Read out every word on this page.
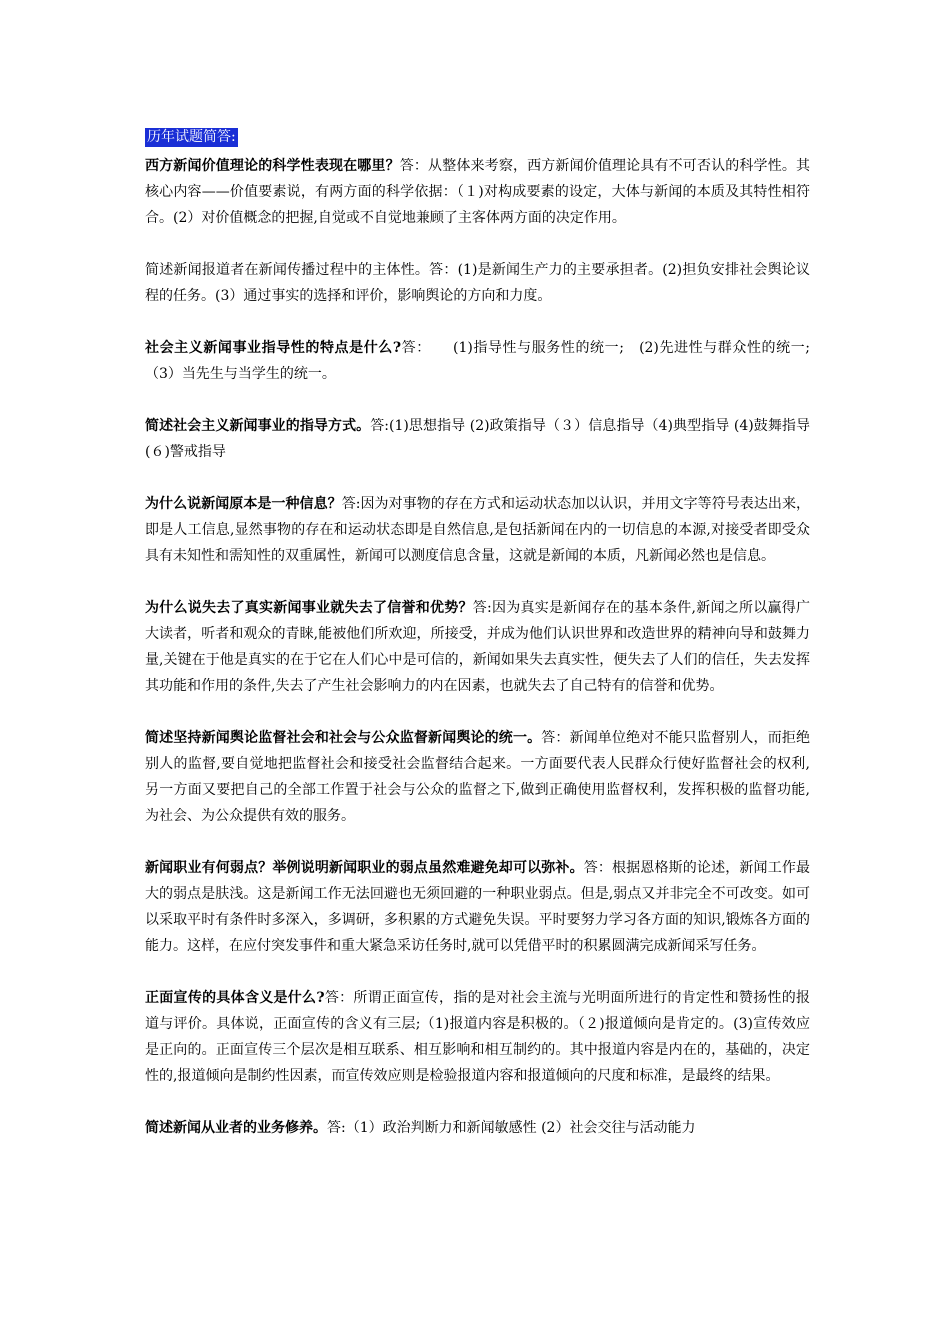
历年试题简答:

西方新闻价值理论的科学性表现在哪里？答：从整体来考察，西方新闻价值理论具有不可否认的科学性。其核心内容——价值要素说，有两方面的科学依据：（１)对构成要素的设定，大体与新闻的本质及其特性相符合。(2）对价值概念的把握,自觉或不自觉地兼顾了主客体两方面的决定作用。

简述新闻报道者在新闻传播过程中的主体性。答：(1)是新闻生产力的主要承担者。(2)担负安排社会舆论议程的任务。(3）通过事实的选择和评价，影响舆论的方向和力度。

社会主义新闻事业指导性的特点是什么?答：　　(1)指导性与服务性的统一;　(2)先进性与群众性的统一;（3）当先生与当学生的统一。

简述社会主义新闻事业的指导方式。答:(1)思想指导 (2)政策指导（３）信息指导（4)典型指导 (4)鼓舞指导(６)警戒指导

为什么说新闻原本是一种信息？答:因为对事物的存在方式和运动状态加以认识，并用文字等符号表达出来，即是人工信息,显然事物的存在和运动状态即是自然信息,是包括新闻在内的一切信息的本源,对接受者即受众具有未知性和需知性的双重属性，新闻可以测度信息含量，这就是新闻的本质，凡新闻必然也是信息。

为什么说失去了真实新闻事业就失去了信誉和优势？答:因为真实是新闻存在的基本条件,新闻之所以赢得广大读者，听者和观众的青睐,能被他们所欢迎，所接受，并成为他们认识世界和改造世界的精神向导和鼓舞力量,关键在于他是真实的在于它在人们心中是可信的，新闻如果失去真实性，便失去了人们的信任，失去发挥其功能和作用的条件,失去了产生社会影响力的内在因素，也就失去了自己特有的信誉和优势。

简述坚持新闻舆论监督社会和社会与公众监督新闻舆论的统一。答：新闻单位绝对不能只监督别人，而拒绝别人的监督,要自觉地把监督社会和接受社会监督结合起来。一方面要代表人民群众行使好监督社会的权利,另一方面又要把自己的全部工作置于社会与公众的监督之下,做到正确使用监督权利，发挥积极的监督功能,为社会、为公众提供有效的服务。

新闻职业有何弱点？举例说明新闻职业的弱点虽然难避免却可以弥补。答：根据恩格斯的论述，新闻工作最大的弱点是肤浅。这是新闻工作无法回避也无须回避的一种职业弱点。但是,弱点又并非完全不可改变。如可以采取平时有条件时多深入，多调研，多积累的方式避免失误。平时要努力学习各方面的知识,锻炼各方面的能力。这样，在应付突发事件和重大紧急采访任务时,就可以凭借平时的积累圆满完成新闻采写任务。

正面宣传的具体含义是什么?答：所谓正面宣传，指的是对社会主流与光明面所进行的肯定性和赞扬性的报道与评价。具体说，正面宣传的含义有三层;（1)报道内容是积极的。（２)报道倾向是肯定的。(3)宣传效应是正向的。正面宣传三个层次是相互联系、相互影响和相互制约的。其中报道内容是内在的，基础的，决定性的,报道倾向是制约性因素，而宣传效应则是检验报道内容和报道倾向的尺度和标准，是最终的结果。

简述新闻从业者的业务修养。答:（1）政治判断力和新闻敏感性 (2）社会交往与活动能力
